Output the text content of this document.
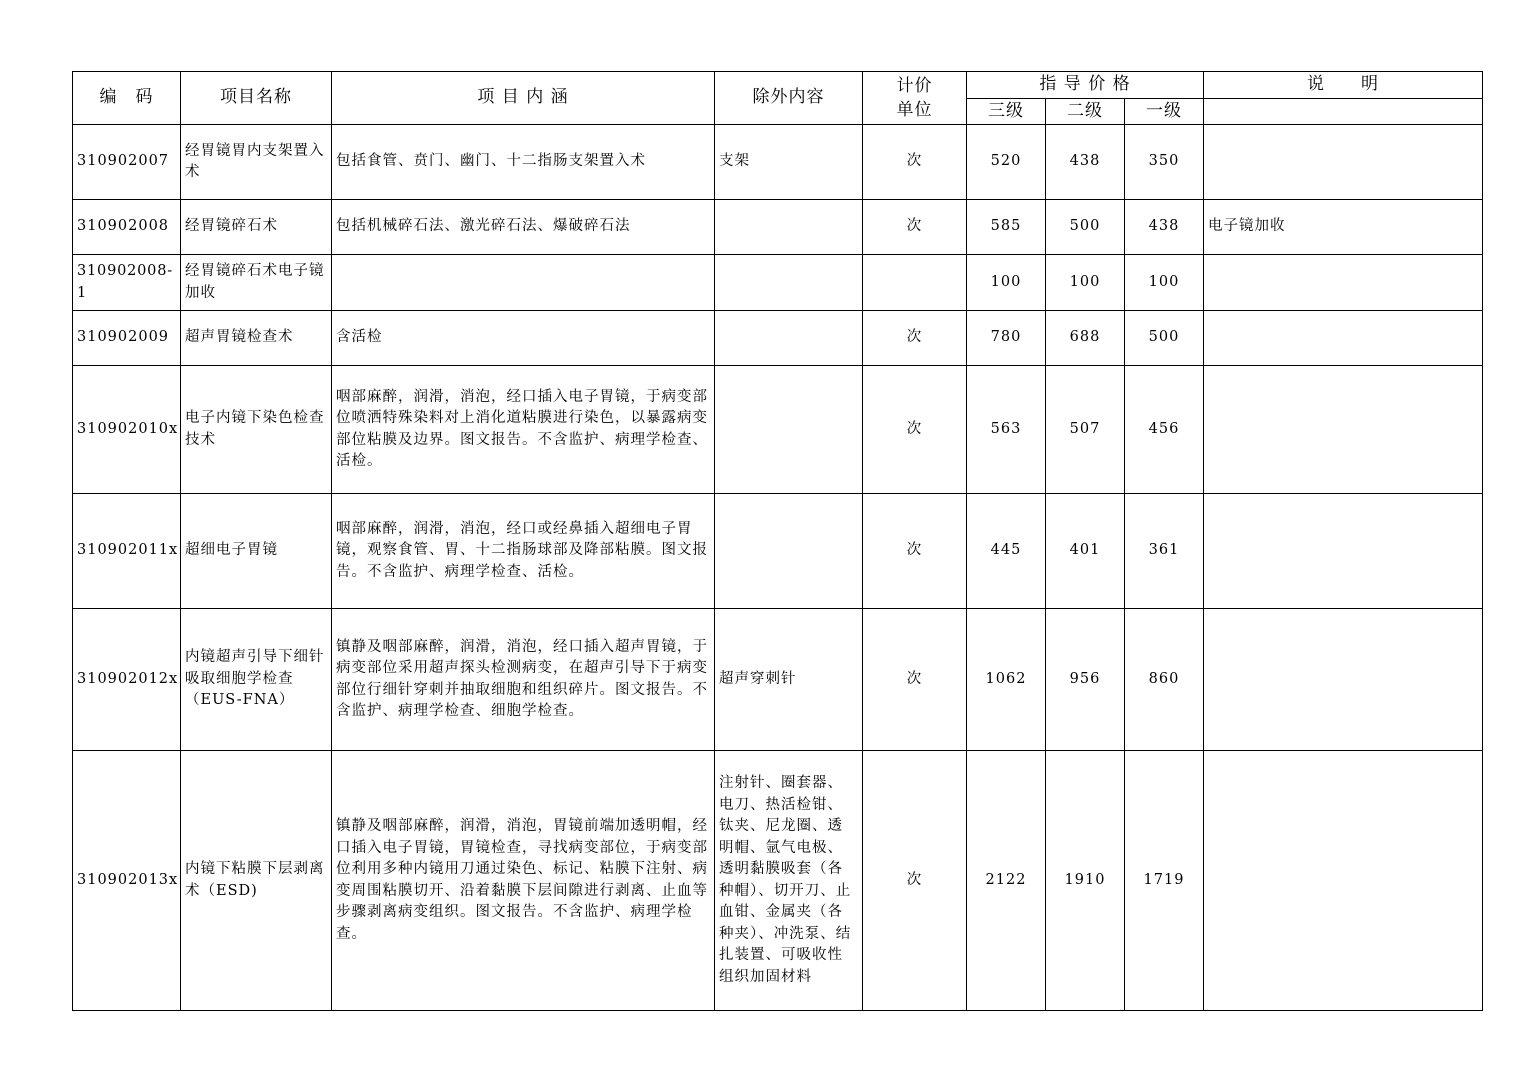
编　码	项目名称	项 目 内 涵	除外内容	计价单位	指 导 价 格			说　　明
					三级	二级	一级	
310902007	经胃镜胃内支架置入术	包括食管、贲门、幽门、十二指肠支架置入术	支架	次	520	438	350	
310902008	经胃镜碎石术	包括机械碎石法、激光碎石法、爆破碎石法		次	585	500	438	电子镜加收
310902008-1	经胃镜碎石术电子镜加收				100	100	100	
310902009	超声胃镜检查术	含活检		次	780	688	500	
310902010x	电子内镜下染色检查技术	咽部麻醉，润滑，消泡，经口插入电子胃镜，于病变部位喷洒特殊染料对上消化道粘膜进行染色，以暴露病变部位粘膜及边界。图文报告。不含监护、病理学检查、活检。		次	563	507	456	
310902011x	超细电子胃镜	咽部麻醉，润滑，消泡，经口或经鼻插入超细电子胃镜，观察食管、胃、十二指肠球部及降部粘膜。图文报告。不含监护、病理学检查、活检。		次	445	401	361	
310902012x	内镜超声引导下细针吸取细胞学检查（EUS-FNA）	镇静及咽部麻醉，润滑，消泡，经口插入超声胃镜，于病变部位采用超声探头检测病变，在超声引导下于病变部位行细针穿刺并抽取细胞和组织碎片。图文报告。不含监护、病理学检查、细胞学检查。	超声穿刺针	次	1062	956	860	
310902013x	内镜下粘膜下层剥离术（ESD)	镇静及咽部麻醉，润滑，消泡，胃镜前端加透明帽，经口插入电子胃镜，胃镜检查，寻找病变部位，于病变部位利用多种内镜用刀通过染色、标记、粘膜下注射、病变周围粘膜切开、沿着黏膜下层间隙进行剥离、止血等步骤剥离病变组织。图文报告。不含监护、病理学检查。	注射针、圈套器、电刀、热活检钳、钛夹、尼龙圈、透明帽、氩气电极、透明黏膜吸套（各种帽）、切开刀、止血钳、金属夹（各种夹）、冲洗泵、结扎装置、可吸收性组织加固材料	次	2122	1910	1719	
